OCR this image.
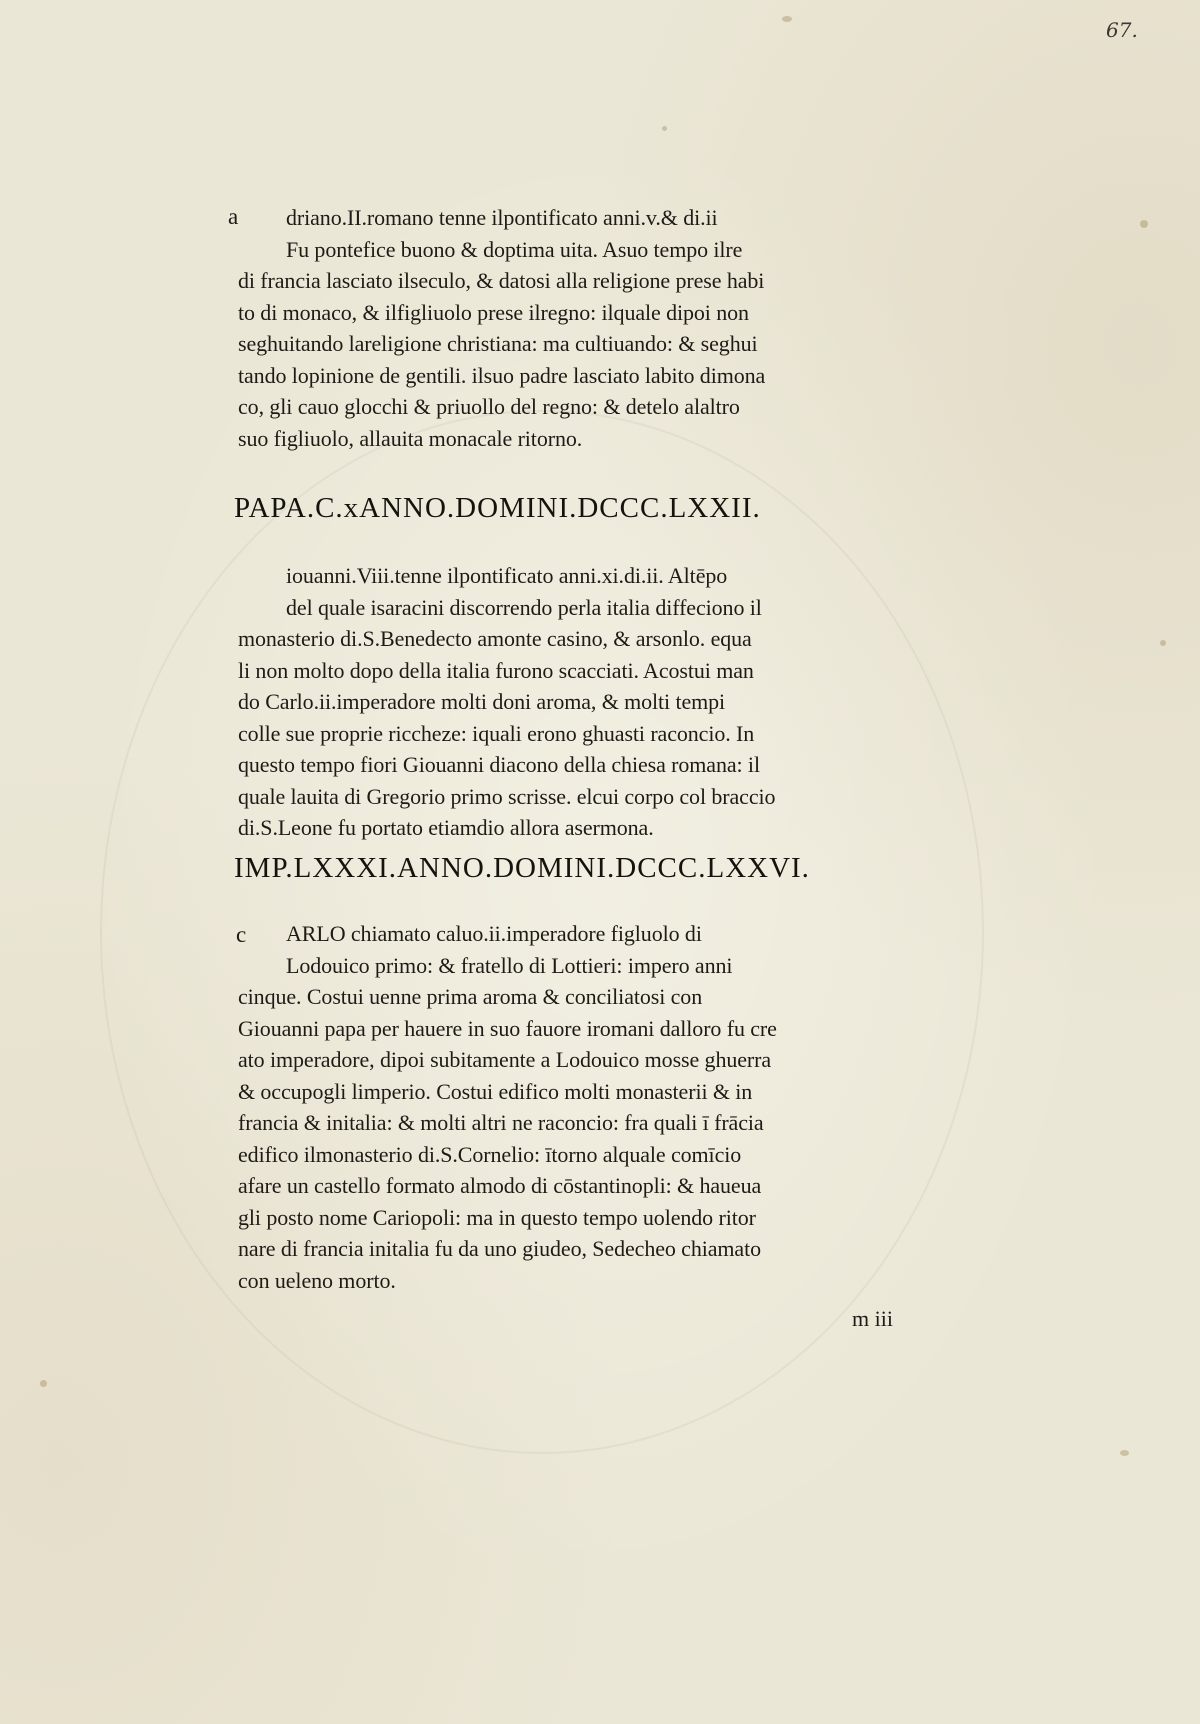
67.
a	driano.II.romano tenne ilpontificato anni.v.& di.ii
Fu pontefice buono & doptima uita. Asuo tempo ilre
di francia lasciato ilseculo, & datosi alla religione prese habi
to di monaco, & ilfigliuolo prese ilregno: ilquale dipoi non
seghuitando lareligione christiana: ma cultiuando: & seghui
tando lopinione de gentili. ilsuo padre lasciato labito dimona
co, gli cauo glocchi & priuollo del regno: & detelo alaltro
suo figliuolo, allauita monacale ritorno.
PAPA.C.xANNO.DOMINI.DCCC.LXXII.
iouanni.Viii.tenne ilpontificato anni.xi.di.ii. Altēpo
del quale isaracini discorrendo perla italia diffeciono il
monasterio di.S.Benedecto amonte casino, & arsonlo. equa
li non molto dopo della italia furono scacciati. Acostui man
do Carlo.ii.imperadore molti doni aroma, & molti tempi
colle sue proprie riccheze: iquali erono ghuasti raconcio. In
questo tempo fiori Giouanni diacono della chiesa romana: il
quale lauita di Gregorio primo scrisse. elcui corpo col braccio
di.S.Leone fu portato etiamdio allora asermona.
IMP.LXXXI.ANNO.DOMINI.DCCC.LXXVI.
c	ARLO chiamato caluo.ii.imperadore figluolo di
Lodouico primo: & fratello di Lottieri: impero anni
cinque. Costui uenne prima aroma & conciliatosi con
Giouanni papa per hauere in suo fauore iromani dalloro fu cre
ato imperadore, dipoi subitamente a Lodouico mosse ghuerra
& occupogli limperio. Costui edifico molti monasterii & in
francia & initalia: & molti altri ne raconcio: fra quali ī frācia
edifico ilmonasterio di.S.Cornelio: ītorno alquale comīcio
afare un castello formato almodo di cōstantinopli: & haueua
gli posto nome Cariopoli: ma in questo tempo uolendo ritor
nare di francia initalia fu da uno giudeo, Sedecheo chiamato
con ueleno morto.
m iii
